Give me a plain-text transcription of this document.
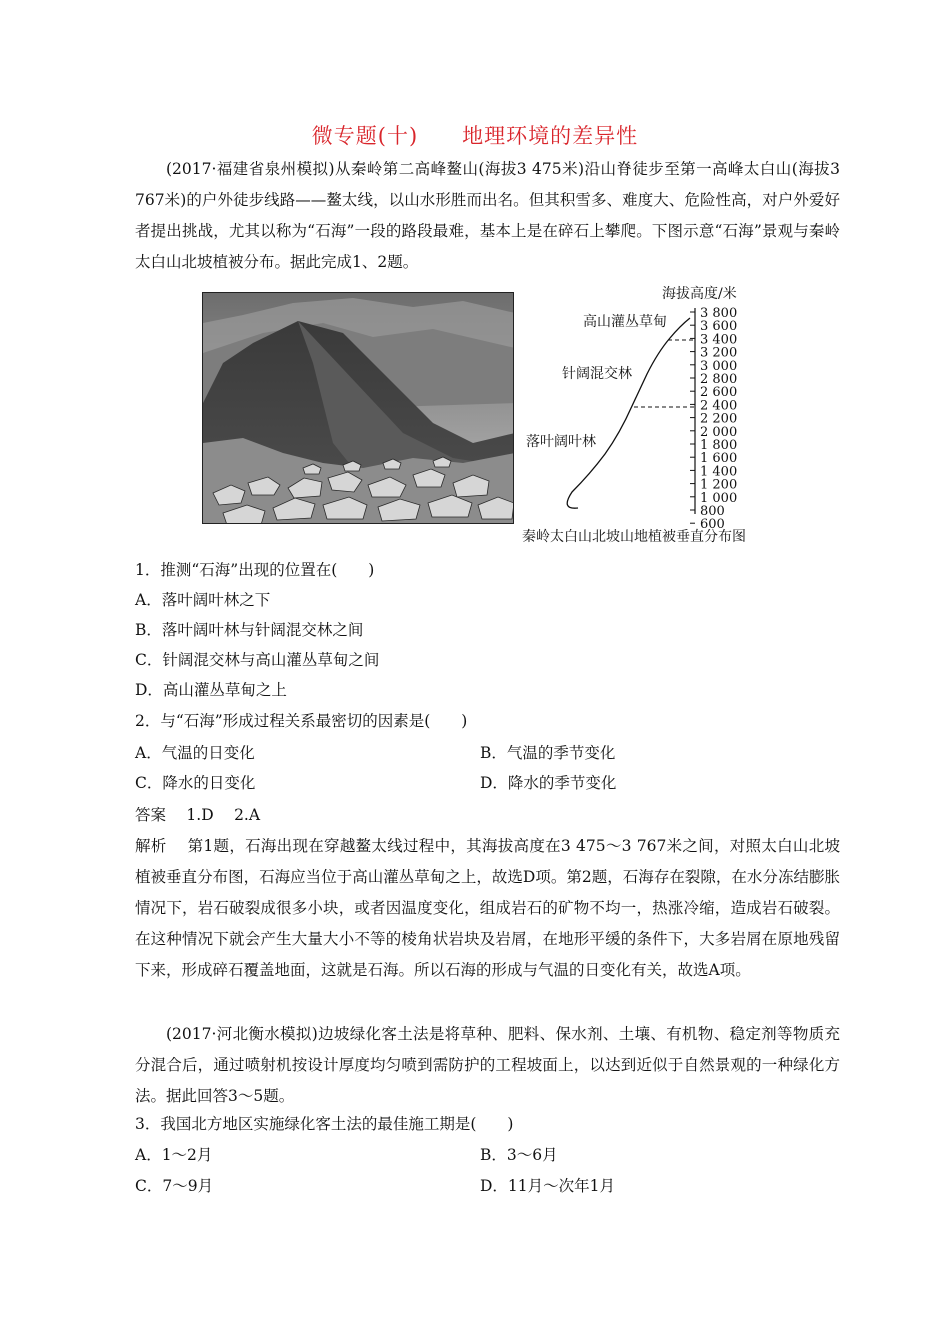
微专题(十)　　地理环境的差异性

(2017·福建省泉州模拟)从秦岭第二高峰鳌山(海拔3 475米)沿山脊徒步至第一高峰太白山(海拔3 767米)的户外徒步线路——鳌太线，以山水形胜而出名。但其积雪多、难度大、危险性高，对户外爱好者提出挑战，尤其以称为“石海”一段的路段最难，基本上是在碎石上攀爬。下图示意“石海”景观与秦岭太白山北坡植被分布。据此完成1、2题。

海拔高度/米
3 800
3 600
3 400
3 200
3 000
2 800
2 600
2 400
2 200
2 000
1 800
1 600
1 400
1 200
1 000
800
600
高山灌丛草甸
针阔混交林
落叶阔叶林
秦岭太白山北坡山地植被垂直分布图

1．推测“石海”出现的位置在(　　)

A．落叶阔叶林之下

B．落叶阔叶林与针阔混交林之间

C．针阔混交林与高山灌丛草甸之间

D．高山灌丛草甸之上

2．与“石海”形成过程关系最密切的因素是(　　)

A．气温的日变化	B．气温的季节变化

C．降水的日变化	D．降水的季节变化

答案　 1.D　 2.A

解析　 第1题，石海出现在穿越鳌太线过程中，其海拔高度在3 475～3 767米之间，对照太白山北坡植被垂直分布图，石海应当位于高山灌丛草甸之上，故选D项。第2题，石海存在裂隙，在水分冻结膨胀情况下，岩石破裂成很多小块，或者因温度变化，组成岩石的矿物不均一，热涨冷缩，造成岩石破裂。在这种情况下就会产生大量大小不等的棱角状岩块及岩屑，在地形平缓的条件下，大多岩屑在原地残留下来，形成碎石覆盖地面，这就是石海。所以石海的形成与气温的日变化有关，故选A项。

(2017·河北衡水模拟)边坡绿化客土法是将草种、肥料、保水剂、土壤、有机物、稳定剂等物质充分混合后，通过喷射机按设计厚度均匀喷到需防护的工程坡面上，以达到近似于自然景观的一种绿化方法。据此回答3～5题。

3．我国北方地区实施绿化客土法的最佳施工期是(　　)

A．1～2月	B．3～6月

C．7～9月	D．11月～次年1月
